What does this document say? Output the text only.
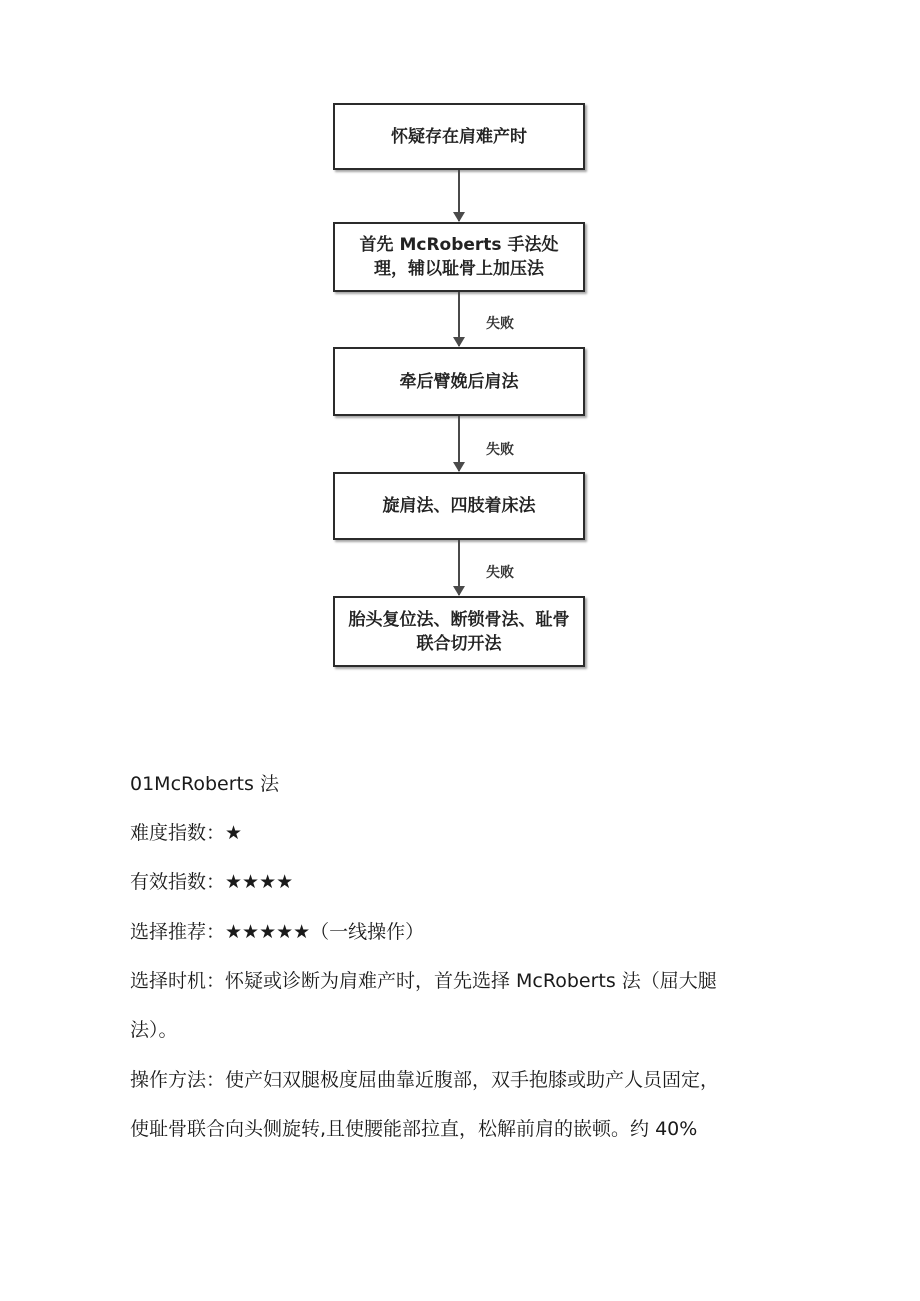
怀疑存在肩难产时
首先 McRoberts 手法处理，辅以耻骨上加压法
失败
牵后臂娩后肩法
失败
旋肩法、四肢着床法
失败
胎头复位法、断锁骨法、耻骨联合切开法
01McRoberts 法
难度指数：★
有效指数：★★★★
选择推荐：★★★★★（一线操作）
选择时机：怀疑或诊断为肩难产时，首先选择 McRoberts 法（屈大腿
法）。
操作方法：使产妇双腿极度屈曲靠近腹部，双手抱膝或助产人员固定，
使耻骨联合向头侧旋转,且使腰能部拉直，松解前肩的嵌顿。约 40%
